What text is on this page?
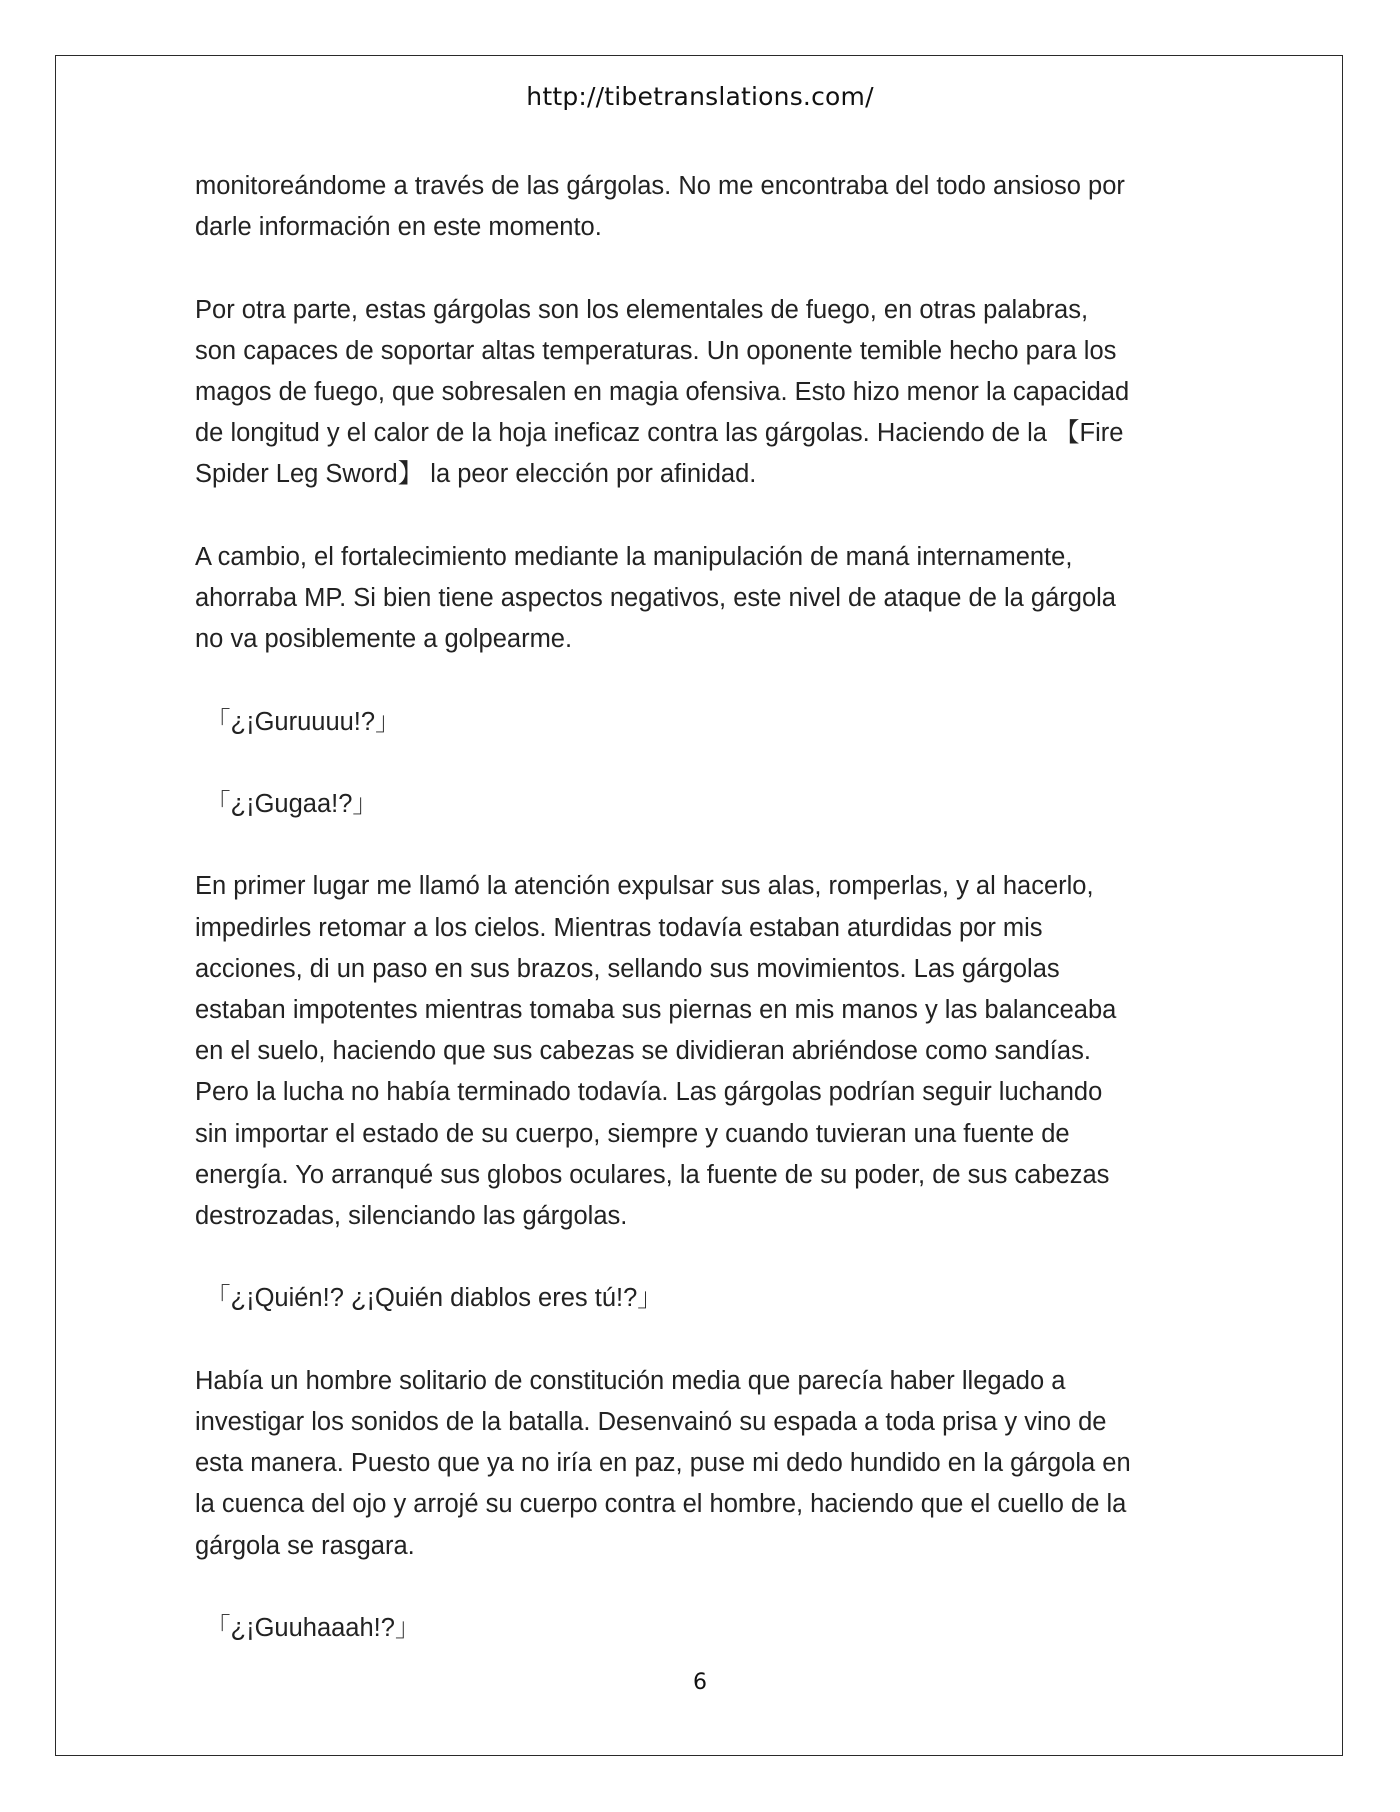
http://tibetranslations.com/

monitoreándome a través de las gárgolas. No me encontraba del todo ansioso por
darle información en este momento.

Por otra parte, estas gárgolas son los elementales de fuego, en otras palabras,
son capaces de soportar altas temperaturas. Un oponente temible hecho para los
magos de fuego, que sobresalen en magia ofensiva. Esto hizo menor la capacidad
de longitud y el calor de la hoja ineficaz contra las gárgolas. Haciendo de la 【Fire
Spider Leg Sword】 la peor elección por afinidad.

A cambio, el fortalecimiento mediante la manipulación de maná internamente,
ahorraba MP. Si bien tiene aspectos negativos, este nivel de ataque de la gárgola
no va posiblemente a golpearme.

「¿¡Guruuuu!?」

「¿¡Gugaa!?」

En primer lugar me llamó la atención expulsar sus alas, romperlas, y al hacerlo,
impedirles retomar a los cielos. Mientras todavía estaban aturdidas por mis
acciones, di un paso en sus brazos, sellando sus movimientos. Las gárgolas
estaban impotentes mientras tomaba sus piernas en mis manos y las balanceaba
en el suelo, haciendo que sus cabezas se dividieran abriéndose como sandías.
Pero la lucha no había terminado todavía. Las gárgolas podrían seguir luchando
sin importar el estado de su cuerpo, siempre y cuando tuvieran una fuente de
energía. Yo arranqué sus globos oculares, la fuente de su poder, de sus cabezas
destrozadas, silenciando las gárgolas.

「¿¡Quién!? ¿¡Quién diablos eres tú!?」

Había un hombre solitario de constitución media que parecía haber llegado a
investigar los sonidos de la batalla. Desenvainó su espada a toda prisa y vino de
esta manera. Puesto que ya no iría en paz, puse mi dedo hundido en la gárgola en
la cuenca del ojo y arrojé su cuerpo contra el hombre, haciendo que el cuello de la
gárgola se rasgara.

「¿¡Guuhaaah!?」

6
